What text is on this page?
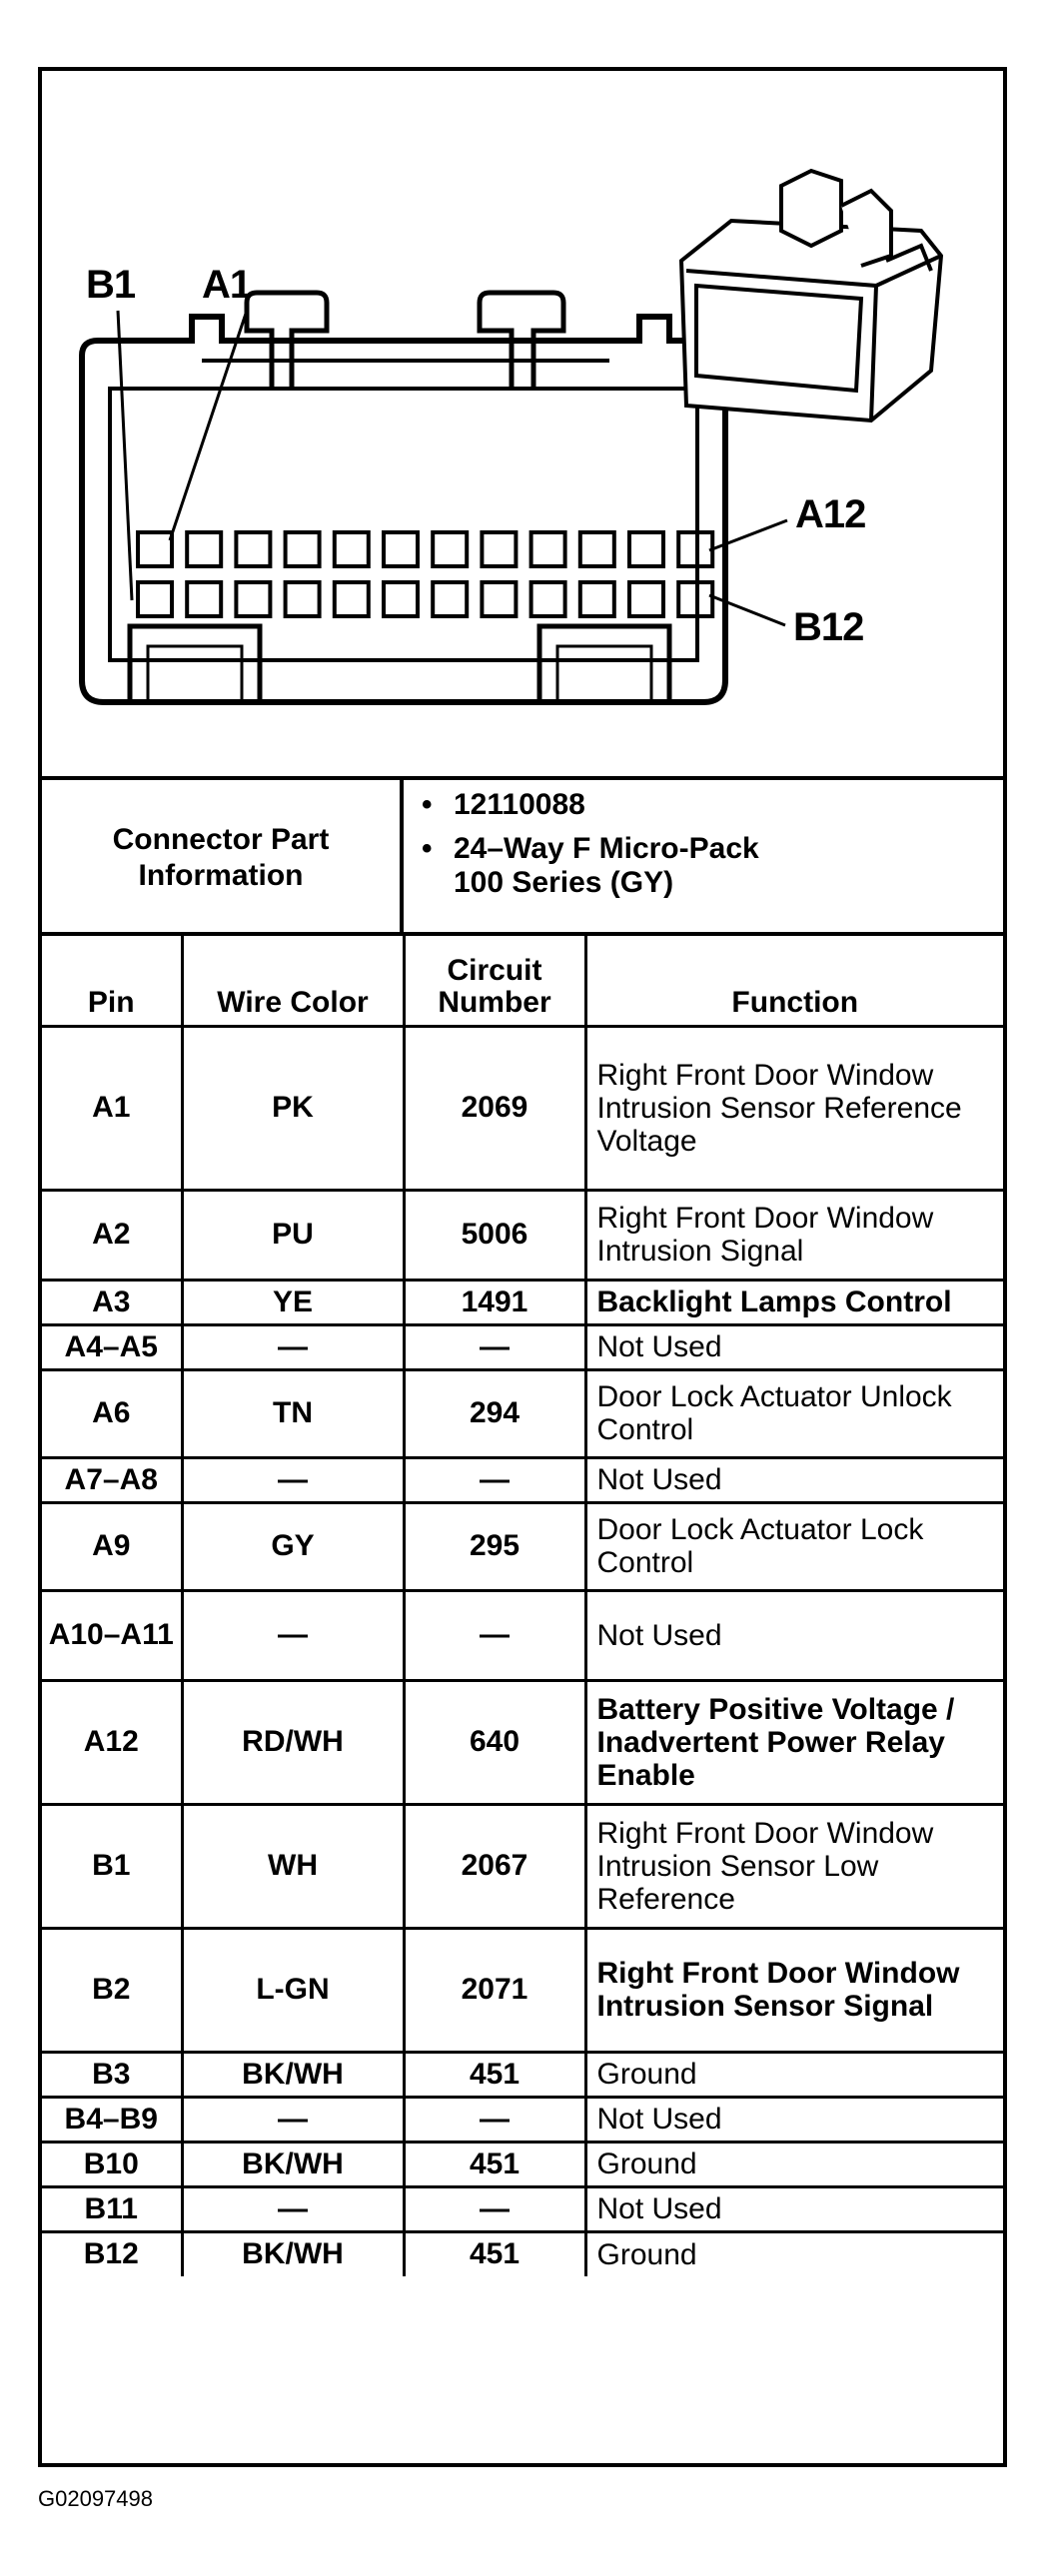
B1 A1
A12
B12
Connector Part Information
• 12110088
• 24–Way F Micro-Pack
100 Series (GY)
Pin	Wire Color	Circuit Number	Function
A1	PK	2069	Right Front Door Window Intrusion Sensor Reference Voltage
A2	PU	5006	Right Front Door Window Intrusion Signal
A3	YE	1491	Backlight Lamps Control
A4–A5	—	—	Not Used
A6	TN	294	Door Lock Actuator Unlock Control
A7–A8	—	—	Not Used
A9	GY	295	Door Lock Actuator Lock Control
A10–A11	—	—	Not Used
A12	RD/WH	640	Battery Positive Voltage / Inadvertent Power Relay Enable
B1	WH	2067	Right Front Door Window Intrusion Sensor Low Reference
B2	L-GN	2071	Right Front Door Window Intrusion Sensor Signal
B3	BK/WH	451	Ground
B4–B9	—	—	Not Used
B10	BK/WH	451	Ground
B11	—	—	Not Used
B12	BK/WH	451	Ground
G02097498
